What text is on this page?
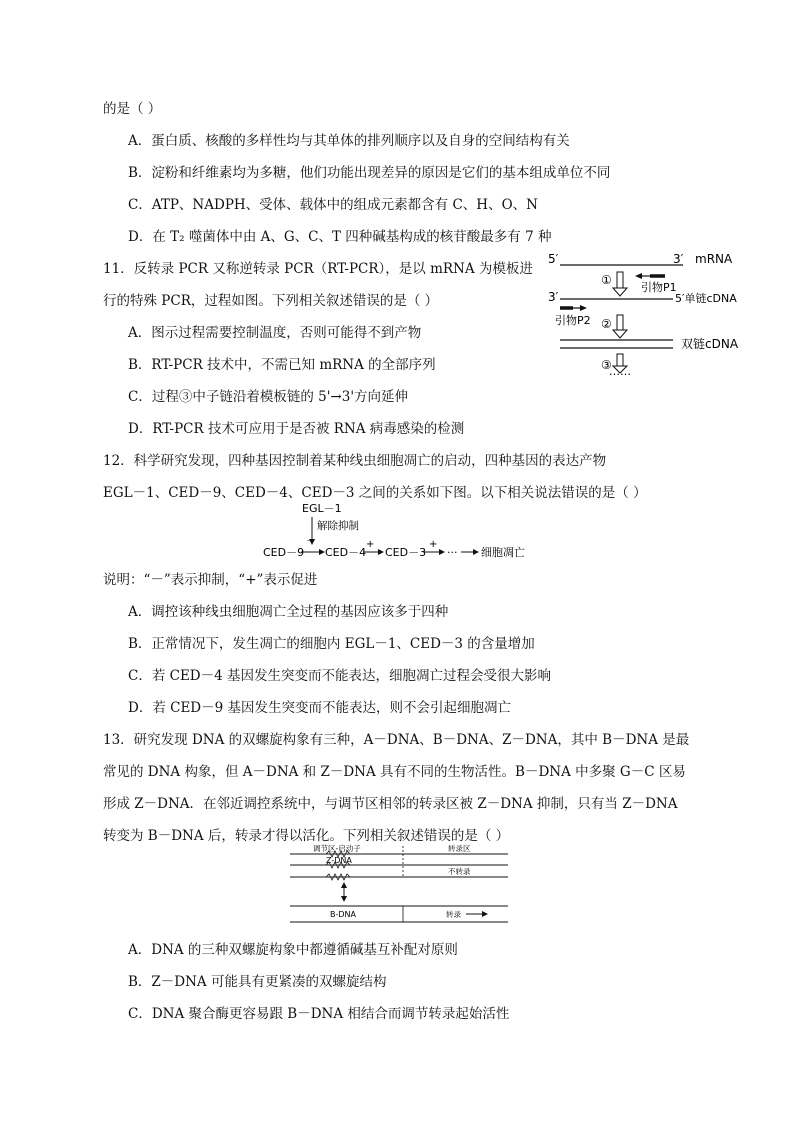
的是（ ）
A．蛋白质、核酸的多样性均与其单体的排列顺序以及自身的空间结构有关
B．淀粉和纤维素均为多糖，他们功能出现差异的原因是它们的基本组成单位不同
C．ATP、NADPH、受体、载体中的组成元素都含有 C、H、O、N
D．在 T₂ 噬菌体中由 A、G、C、T 四种碱基构成的核苷酸最多有 7 种
11．反转录 PCR 又称逆转录 PCR（RT-PCR），是以 mRNA 为模板进
行的特殊 PCR，过程如图。下列相关叙述错误的是（ ）
A．图示过程需要控制温度，否则可能得不到产物
B．RT-PCR 技术中，不需已知 mRNA 的全部序列
C．过程③中子链沿着模板链的 5'→3'方向延伸
D．RT-PCR 技术可应用于是否被 RNA 病毒感染的检测
12．科学研究发现，四种基因控制着某种线虫细胞凋亡的启动，四种基因的表达产物
EGL－1、CED－9、CED－4、CED－3 之间的关系如下图。以下相关说法错误的是（ ）
说明：“－”表示抑制，“+”表示促进
A．调控该种线虫细胞凋亡全过程的基因应该多于四种
B．正常情况下，发生凋亡的细胞内 EGL－1、CED－3 的含量增加
C．若 CED－4 基因发生突变而不能表达，细胞凋亡过程会受很大影响
D．若 CED－9 基因发生突变而不能表达，则不会引起细胞凋亡
13．研究发现 DNA 的双螺旋构象有三种，A－DNA、B－DNA、Z－DNA，其中 B－DNA 是最
常见的 DNA 构象，但 A－DNA 和 Z－DNA 具有不同的生物活性。B－DNA 中多聚 G－C 区易
形成 Z－DNA．在邻近调控系统中，与调节区相邻的转录区被 Z－DNA 抑制，只有当 Z－DNA
转变为 B－DNA 后，转录才得以活化。下列相关叙述错误的是（ ）
A．DNA 的三种双螺旋构象中都遵循碱基互补配对原则
B．Z－DNA 可能具有更紧凑的双螺旋结构
C．DNA 聚合酶更容易跟 B－DNA 相结合而调节转录起始活性
5′	3′ mRNA
引物P1
①
3′	5′单链cDNA
引物P2 ②
双链cDNA
③
……
EGL－1
解除抑制
－
CED－9 CED－4
+
CED－3
+
··· 细胞凋亡
调节区-启动子	转录区
Z-DNA
不转录
B-DNA	转录
